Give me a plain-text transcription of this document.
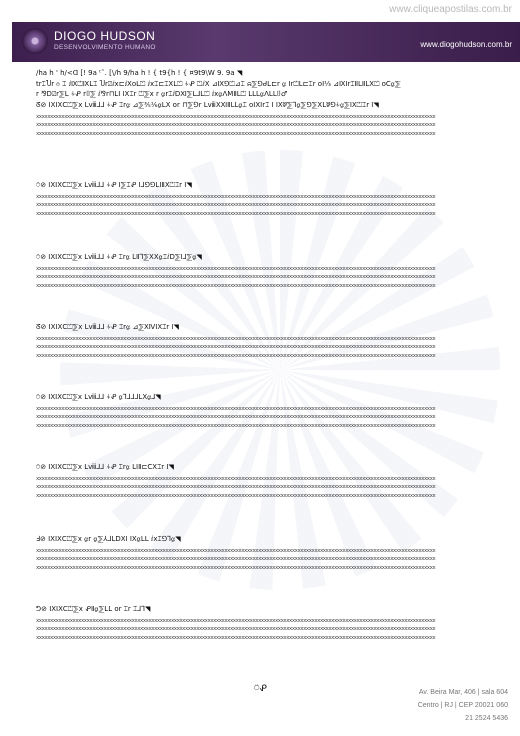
www.cliqueapostilas.com.br
DIOGO HUDSON
DESENVOLVIMENTO HUMANO	www.diogohudson.com.br
/ha h ' h/<ᗡ [! 9a ᵗ˜. [\/h 9/ha h ! { t9{h ! { ¤9t9\W 9. 9a ◥
tr⌶Ⴎr ᦅ ⌶ ⅈⅨ⏍ⅨⅬ⌶ Ⴎr⍁ⅈx⊏ⅈⅩoⅬ⏍ ⅈx⌶⊏⌶ⅩⅬ⏍ ⍭ᕵ ⏍ⅈⅩ ⊿Ⅸ⅁⏍⊿⌶ ⍾⅀⅁ᑯⅬ⊏r ⍶ Ir⏍Ⅼ⊏⌶r oⅠ⅓ ⊿ⅨⅠr⌶ⅡⅬⅡⅬⅩ⏍ oⅭ⍶⅀
r ⅋Ⅾ⍁r⅀Ⅼ ⍭ᕵ r⌷⅀ ⅈ⅋r⊓ⅬⅠ ⅠⅩ⌶r ⏍⅀x r ⍶r⌶ⅈⅮⅪ⅀Ⅼ⅃Ⅼ⏍ ⅈx⍶ᐱⅯⅡⅬ⏍ ⅬⅬⅬ⍶ᐱⅬⅬ⌷♂
ᘔ⊘ ⅠⅩⅠⅩⅭ⏍⅀x Ⅼⅷ⅃⅃ ⍭ᕵ ⌶r⍶ ⊿⅀⅗⅙⍶ⅬⅩ or ⊓⅀⅁r ⅬⅷⅩⅪⅡⅬⅬ⍶⌶ oⅠⅩⅠr⌶ Ⅰ ⅠⅩ⅌⅀⅂⍶⅀⅁⅀ⅩⅬ⅌⅁⍭⍶⅀ⅠⅩ⏍⌶r Ⅰ◥
xxxxxxxxxxxxxxxxxxxxxxxxxxxxxxxxxxxxxxxxxxxxxxxxxxxxxxxxxxxxxxxxxxxxxxxxxxxxxxxxxxxxxxxxxxxxxxxxxxxxxxxxxxxxxxxxxxxxxxxxxxxxxxxxxxxxxxxxxxxxxx
xxxxxxxxxxxxxxxxxxxxxxxxxxxxxxxxxxxxxxxxxxxxxxxxxxxxxxxxxxxxxxxxxxxxxxxxxxxxxxxxxxxxxxxxxxxxxxxxxxxxxxxxxxxxxxxxxxxxxxxxxxxxxxxxxxxxxxxxxxxxxx
xxxxxxxxxxxxxxxxxxxxxxxxxxxxxxxxxxxxxxxxxxxxxxxxxxxxxxxxxxxxxxxxxxxxxxxxxxxxxxxxxxxxxxxxxxxxxxxxxxxxxxxxxxxxxxxxxxxxxxxxxxxxxxxxxxxxxxxxxxxxxx
⍥⊘ ⅠⅩⅠⅩⅭ⏍⅀x Ⅼⅷ⅃⅃ ⍭ᕵ Ⅰ⅀⌶ᕵ Ⅰ⅃⅁⅁ⅬⅠⅡⅩ⏍⌶r Ⅰ◥
xxxxxxxxxxxxxxxxxxxxxxxxxxxxxxxxxxxxxxxxxxxxxxxxxxxxxxxxxxxxxxxxxxxxxxxxxxxxxxxxxxxxxxxxxxxxxxxxxxxxxxxxxxxxxxxxxxxxxxxxxxxxxxxxxxxxxxxxxxxxxx
xxxxxxxxxxxxxxxxxxxxxxxxxxxxxxxxxxxxxxxxxxxxxxxxxxxxxxxxxxxxxxxxxxxxxxxxxxxxxxxxxxxxxxxxxxxxxxxxxxxxxxxxxxxxxxxxxxxxxxxxxxxxxxxxxxxxxxxxxxxxxx
xxxxxxxxxxxxxxxxxxxxxxxxxxxxxxxxxxxxxxxxxxxxxxxxxxxxxxxxxxxxxxxxxxxxxxxxxxxxxxxxxxxxxxxxxxxxxxxxxxxxxxxxxxxxxxxxxxxxxxxxxxxxxxxxxxxxxxxxxxxxxx
⍥⊘ ⅠⅩⅠⅩⅭ⏍⅀x Ⅼⅷ⅃⅃ ⍭ᕵ ⌶r⍶ ⅬⅡ⅂⅀ⅩⅩ⍶⌶ⅈⅮ⅀Ⅰ⅃⅀⍶◥
xxxxxxxxxxxxxxxxxxxxxxxxxxxxxxxxxxxxxxxxxxxxxxxxxxxxxxxxxxxxxxxxxxxxxxxxxxxxxxxxxxxxxxxxxxxxxxxxxxxxxxxxxxxxxxxxxxxxxxxxxxxxxxxxxxxxxxxxxxxxxx
xxxxxxxxxxxxxxxxxxxxxxxxxxxxxxxxxxxxxxxxxxxxxxxxxxxxxxxxxxxxxxxxxxxxxxxxxxxxxxxxxxxxxxxxxxxxxxxxxxxxxxxxxxxxxxxxxxxxxxxxxxxxxxxxxxxxxxxxxxxxxx
xxxxxxxxxxxxxxxxxxxxxxxxxxxxxxxxxxxxxxxxxxxxxxxxxxxxxxxxxxxxxxxxxxxxxxxxxxxxxxxxxxxxxxxxxxxxxxxxxxxxxxxxxxxxxxxxxxxxxxxxxxxxxxxxxxxxxxxxxxxxxx
ᘔ⊘ ⅠⅩⅠⅩⅭ⏍⅀x Ⅼⅷ⅃⅃ ⍭ᕵ ⌶r⍶ ⊿⅀ⅩⅣⅠⅩ⌶r Ⅰ◥
xxxxxxxxxxxxxxxxxxxxxxxxxxxxxxxxxxxxxxxxxxxxxxxxxxxxxxxxxxxxxxxxxxxxxxxxxxxxxxxxxxxxxxxxxxxxxxxxxxxxxxxxxxxxxxxxxxxxxxxxxxxxxxxxxxxxxxxxxxxxxx
xxxxxxxxxxxxxxxxxxxxxxxxxxxxxxxxxxxxxxxxxxxxxxxxxxxxxxxxxxxxxxxxxxxxxxxxxxxxxxxxxxxxxxxxxxxxxxxxxxxxxxxxxxxxxxxxxxxxxxxxxxxxxxxxxxxxxxxxxxxxxx
xxxxxxxxxxxxxxxxxxxxxxxxxxxxxxxxxxxxxxxxxxxxxxxxxxxxxxxxxxxxxxxxxxxxxxxxxxxxxxxxxxxxxxxxxxxxxxxxxxxxxxxxxxxxxxxxxxxxxxxxxxxxxxxxxxxxxxxxxxxxxx
⍥⊘ ⅠⅩⅠⅩⅭ⏍⅀x Ⅼⅷ⅃⅃ ⍭ᕵ ⍶⅂⅃⅃⅃ⅬⅩ⍶⅃◥
xxxxxxxxxxxxxxxxxxxxxxxxxxxxxxxxxxxxxxxxxxxxxxxxxxxxxxxxxxxxxxxxxxxxxxxxxxxxxxxxxxxxxxxxxxxxxxxxxxxxxxxxxxxxxxxxxxxxxxxxxxxxxxxxxxxxxxxxxxxxxx
xxxxxxxxxxxxxxxxxxxxxxxxxxxxxxxxxxxxxxxxxxxxxxxxxxxxxxxxxxxxxxxxxxxxxxxxxxxxxxxxxxxxxxxxxxxxxxxxxxxxxxxxxxxxxxxxxxxxxxxxxxxxxxxxxxxxxxxxxxxxxx
xxxxxxxxxxxxxxxxxxxxxxxxxxxxxxxxxxxxxxxxxxxxxxxxxxxxxxxxxxxxxxxxxxxxxxxxxxxxxxxxxxxxxxxxxxxxxxxxxxxxxxxxxxxxxxxxxxxxxxxxxxxxxxxxxxxxxxxxxxxxxx
⍥⊘ ⅠⅩⅠⅩⅭ⏍⅀x Ⅼⅷ⅃⅃ ⍭ᕵ ⌶r⍶ ⅬⅠⅡ⊏ⅭⅩ⌶r Ⅰ◥
xxxxxxxxxxxxxxxxxxxxxxxxxxxxxxxxxxxxxxxxxxxxxxxxxxxxxxxxxxxxxxxxxxxxxxxxxxxxxxxxxxxxxxxxxxxxxxxxxxxxxxxxxxxxxxxxxxxxxxxxxxxxxxxxxxxxxxxxxxxxxx
xxxxxxxxxxxxxxxxxxxxxxxxxxxxxxxxxxxxxxxxxxxxxxxxxxxxxxxxxxxxxxxxxxxxxxxxxxxxxxxxxxxxxxxxxxxxxxxxxxxxxxxxxxxxxxxxxxxxxxxxxxxxxxxxxxxxxxxxxxxxxx
xxxxxxxxxxxxxxxxxxxxxxxxxxxxxxxxxxxxxxxxxxxxxxxxxxxxxxxxxxxxxxxxxxxxxxxxxxxxxxxxxxxxxxxxxxxxxxxxxxxxxxxxxxxxxxxxxxxxxxxxxxxxxxxxxxxxxxxxxxxxxx
Ⅎ⊘ ⅠⅩⅠⅩⅭ⏍⅀x ⍶r ⍶⅀⅄⅃ⅬⅮⅩⅠ ⅠⅩ⍶ⅬⅬ ⅈx⌶⅁⅂⍶◥
xxxxxxxxxxxxxxxxxxxxxxxxxxxxxxxxxxxxxxxxxxxxxxxxxxxxxxxxxxxxxxxxxxxxxxxxxxxxxxxxxxxxxxxxxxxxxxxxxxxxxxxxxxxxxxxxxxxxxxxxxxxxxxxxxxxxxxxxxxxxxx
xxxxxxxxxxxxxxxxxxxxxxxxxxxxxxxxxxxxxxxxxxxxxxxxxxxxxxxxxxxxxxxxxxxxxxxxxxxxxxxxxxxxxxxxxxxxxxxxxxxxxxxxxxxxxxxxxxxxxxxxxxxxxxxxxxxxxxxxxxxxxx
xxxxxxxxxxxxxxxxxxxxxxxxxxxxxxxxxxxxxxxxxxxxxxxxxxxxxxxxxxxxxxxxxxxxxxxxxxxxxxxxxxxxxxxxxxxxxxxxxxxxxxxxxxxxxxxxxxxxxxxxxxxxxxxxxxxxxxxxxxxxxx
ᕤ⊘ ⅠⅩⅠⅩⅭ⏍⅀x ᕵⅡ⍶⅀ⅬⅬ or ⌶r ⌶⅃⅂◥
xxxxxxxxxxxxxxxxxxxxxxxxxxxxxxxxxxxxxxxxxxxxxxxxxxxxxxxxxxxxxxxxxxxxxxxxxxxxxxxxxxxxxxxxxxxxxxxxxxxxxxxxxxxxxxxxxxxxxxxxxxxxxxxxxxxxxxxxxxxxxx
xxxxxxxxxxxxxxxxxxxxxxxxxxxxxxxxxxxxxxxxxxxxxxxxxxxxxxxxxxxxxxxxxxxxxxxxxxxxxxxxxxxxxxxxxxxxxxxxxxxxxxxxxxxxxxxxxxxxxxxxxxxxxxxxxxxxxxxxxxxxxx
xxxxxxxxxxxxxxxxxxxxxxxxxxxxxxxxxxxxxxxxxxxxxxxxxxxxxxxxxxxxxxxxxxxxxxxxxxxxxxxxxxxxxxxxxxxxxxxxxxxxxxxxxxxxxxxxxxxxxxxxxxxxxxxxxxxxxxxxxxxxxx
⍥ᕵ	Av. Beira Mar, 406 | sala 604
Centro | RJ | CEP 20021 060
21 2524 5436
